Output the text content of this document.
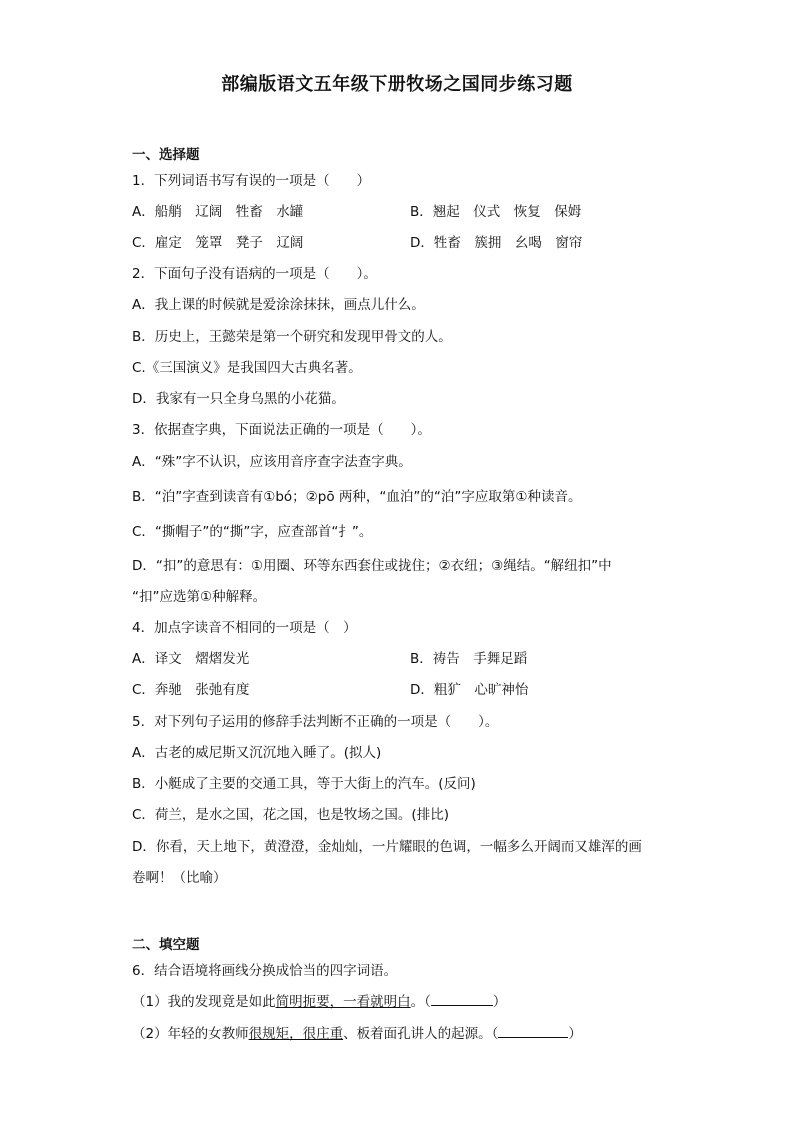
部编版语文五年级下册牧场之国同步练习题
一、选择题
1．下列词语书写有误的一项是（　　）
A．船艄　辽阔　牲畜　水罐	B．翘起　仪式　恢复　保姆
C．雇定　笼罩　凳子　辽阔	D．牲畜　簇拥　幺喝　窗帘
2．下面句子没有语病的一项是（　　）。
A．我上课的时候就是爱涂涂抹抹，画点儿什么。
B．历史上，王懿荣是第一个研究和发现甲骨文的人。
C.《三国演义》是我国四大古典名著。
D．我家有一只全身乌黑的小花猫。
3．依据查字典，下面说法正确的一项是（　　）。
A．“殊”字不认识，应该用音序查字法查字典。
B．“泊”字查到读音有①bó；②pō 两种，“血泊”的“泊”字应取第①种读音。
C．“撕帽子”的“撕”字，应查部首“扌”。
D．“扣”的意思有：①用圈、环等东西套住或拢住；②衣纽；③绳结。“解纽扣”中
“扣”应选第①种解释。
4．加点字读音不相同的一项是（　）
A．译文　熠熠发光	B．祷告　手舞足蹈
C．奔驰　张弛有度	D．粗犷　心旷神怡
5．对下列句子运用的修辞手法判断不正确的一项是（　　）。
A．古老的威尼斯又沉沉地入睡了。(拟人)
B．小艇成了主要的交通工具，等于大街上的汽车。(反问)
C．荷兰，是水之国，花之国，也是牧场之国。(排比)
D．你看，天上地下，黄澄澄，金灿灿，一片耀眼的色调，一幅多么开阔而又雄浑的画
卷啊！（比喻）
二、填空题
6．结合语境将画线分换成恰当的四字词语。
（1）我的发现竟是如此简明扼要，一看就明白。（	）
（2）年轻的女教师很规矩，很庄重、板着面孔讲人的起源。（	）
